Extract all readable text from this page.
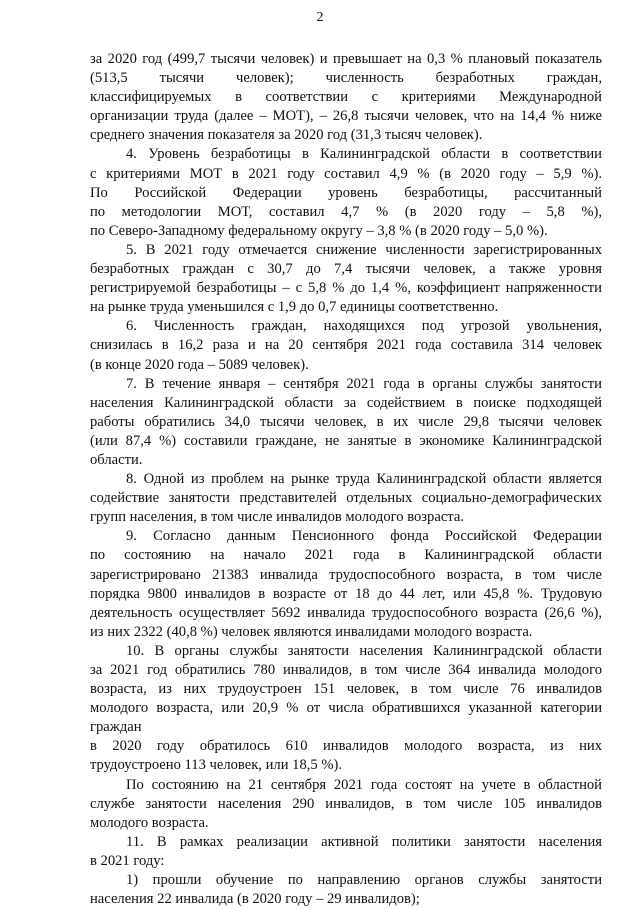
2
за 2020 год (499,7 тысячи человек) и превышает на 0,3 % плановый показатель
(513,5 тысячи человек); численность безработных граждан,
классифицируемых в соответствии с критериями Международной
организации труда (далее – МОТ), – 26,8 тысячи человек, что на 14,4 % ниже
среднего значения показателя за 2020 год (31,3 тысяч человек).
4. Уровень безработицы в Калининградской области в соответствии
с критериями МОТ в 2021 году составил 4,9 % (в 2020 году – 5,9 %).
По Российской Федерации уровень безработицы, рассчитанный
по методологии МОТ, составил 4,7 % (в 2020 году – 5,8 %),
по Северо-Западному федеральному округу – 3,8 % (в 2020 году – 5,0 %).
5. В 2021 году отмечается снижение численности зарегистрированных
безработных граждан с 30,7 до 7,4 тысячи человек, а также уровня
регистрируемой безработицы – с 5,8 % до 1,4 %, коэффициент напряженности
на рынке труда уменьшился с 1,9 до 0,7 единицы соответственно.
6. Численность граждан, находящихся под угрозой увольнения,
снизилась в 16,2 раза и на 20 сентября 2021 года составила 314 человек
(в конце 2020 года – 5089 человек).
7. В течение января – сентября 2021 года в органы службы занятости
населения Калининградской области за содействием в поиске подходящей
работы обратились 34,0 тысячи человек, в их числе 29,8 тысячи человек
(или 87,4 %) составили граждане, не занятые в экономике Калининградской
области.
8. Одной из проблем на рынке труда Калининградской области является
содействие занятости представителей отдельных социально-демографических
групп населения, в том числе инвалидов молодого возраста.
9. Согласно данным Пенсионного фонда Российской Федерации
по состоянию на начало 2021 года в Калининградской области
зарегистрировано 21383 инвалида трудоспособного возраста, в том числе
порядка 9800 инвалидов в возрасте от 18 до 44 лет, или 45,8 %. Трудовую
деятельность осуществляет 5692 инвалида трудоспособного возраста (26,6 %),
из них 2322 (40,8 %) человек являются инвалидами молодого возраста.
10. В органы службы занятости населения Калининградской области
за 2021 год обратились 780 инвалидов, в том числе 364 инвалида молодого
возраста, из них трудоустроен 151 человек, в том числе 76 инвалидов
молодого возраста, или 20,9 % от числа обратившихся указанной категории
граждан
в 2020 году обратилось 610 инвалидов молодого возраста, из них
трудоустроено 113 человек, или 18,5 %).
По состоянию на 21 сентября 2021 года состоят на учете в областной
службе занятости населения 290 инвалидов, в том числе 105 инвалидов
молодого возраста.
11. В рамках реализации активной политики занятости населения
в 2021 году:
1) прошли обучение по направлению органов службы занятости
населения 22 инвалида (в 2020 году – 29 инвалидов);
